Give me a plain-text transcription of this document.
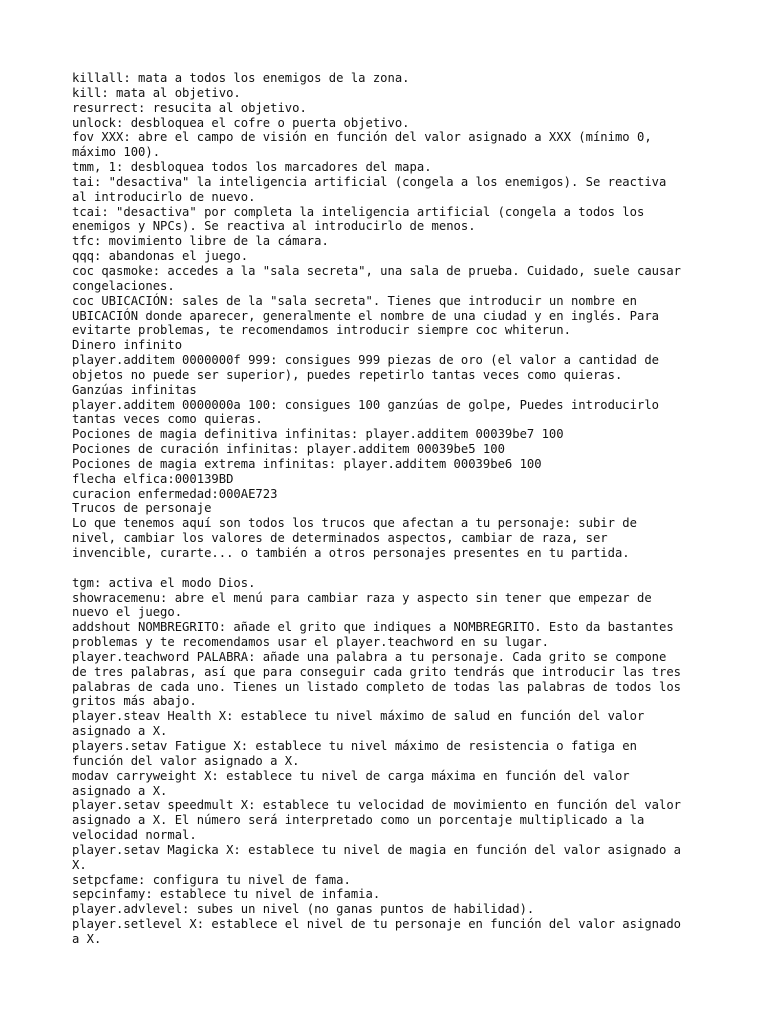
killall: mata a todos los enemigos de la zona.
kill: mata al objetivo.
resurrect: resucita al objetivo.
unlock: desbloquea el cofre o puerta objetivo.
fov XXX: abre el campo de visión en función del valor asignado a XXX (mínimo 0,
máximo 100).
tmm, 1: desbloquea todos los marcadores del mapa.
tai: "desactiva" la inteligencia artificial (congela a los enemigos). Se reactiva
al introducirlo de nuevo.
tcai: "desactiva" por completa la inteligencia artificial (congela a todos los
enemigos y NPCs). Se reactiva al introducirlo de menos.
tfc: movimiento libre de la cámara.
qqq: abandonas el juego.
coc qasmoke: accedes a la "sala secreta", una sala de prueba. Cuidado, suele causar
congelaciones.
coc UBICACIÓN: sales de la "sala secreta". Tienes que introducir un nombre en
UBICACIÓN donde aparecer, generalmente el nombre de una ciudad y en inglés. Para
evitarte problemas, te recomendamos introducir siempre coc whiterun.
Dinero infinito
player.additem 0000000f 999: consigues 999 piezas de oro (el valor a cantidad de
objetos no puede ser superior), puedes repetirlo tantas veces como quieras.
Ganzúas infinitas
player.additem 0000000a 100: consigues 100 ganzúas de golpe, Puedes introducirlo
tantas veces como quieras.
Pociones de magia definitiva infinitas: player.additem 00039be7 100
Pociones de curación infinitas: player.additem 00039be5 100
Pociones de magia extrema infinitas: player.additem 00039be6 100
flecha elfica:000139BD
curacion enfermedad:000AE723
Trucos de personaje
Lo que tenemos aquí son todos los trucos que afectan a tu personaje: subir de
nivel, cambiar los valores de determinados aspectos, cambiar de raza, ser
invencible, curarte... o también a otros personajes presentes en tu partida.
tgm: activa el modo Dios.
showracemenu: abre el menú para cambiar raza y aspecto sin tener que empezar de
nuevo el juego.
addshout NOMBREGRITO: añade el grito que indiques a NOMBREGRITO. Esto da bastantes
problemas y te recomendamos usar el player.teachword en su lugar.
player.teachword PALABRA: añade una palabra a tu personaje. Cada grito se compone
de tres palabras, así que para conseguir cada grito tendrás que introducir las tres
palabras de cada uno. Tienes un listado completo de todas las palabras de todos los
gritos más abajo.
player.steav Health X: establece tu nivel máximo de salud en función del valor
asignado a X.
players.setav Fatigue X: establece tu nivel máximo de resistencia o fatiga en
función del valor asignado a X.
modav carryweight X: establece tu nivel de carga máxima en función del valor
asignado a X.
player.setav speedmult X: establece tu velocidad de movimiento en función del valor
asignado a X. El número será interpretado como un porcentaje multiplicado a la
velocidad normal.
player.setav Magicka X: establece tu nivel de magia en función del valor asignado a
X.
setpcfame: configura tu nivel de fama.
sepcinfamy: establece tu nivel de infamia.
player.advlevel: subes un nivel (no ganas puntos de habilidad).
player.setlevel X: establece el nivel de tu personaje en función del valor asignado
a X.
